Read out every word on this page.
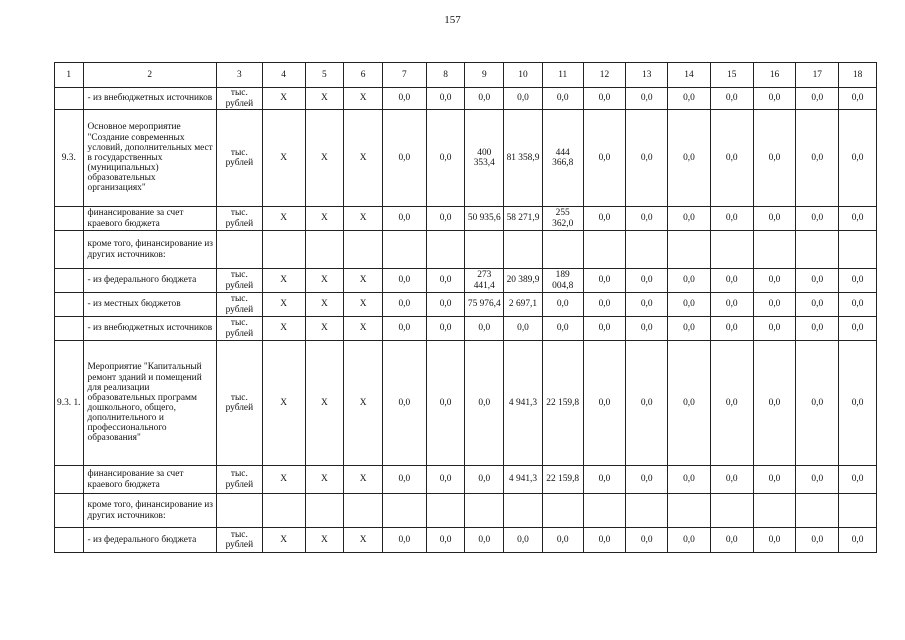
157
1	2	3	4	5	6	7	8	9	10	11	12	13	14	15	16	17	18
	- из внебюджетных источников	тыс. рублей	X	X	X	0,0	0,0	0,0	0,0	0,0	0,0	0,0	0,0	0,0	0,0	0,0	0,0
9.3.	Основное мероприятие "Создание современных условий, дополнительных мест в государственных (муниципальных) образовательных организациях"	тыс. рублей	X	X	X	0,0	0,0	400 353,4	81 358,9	444 366,8	0,0	0,0	0,0	0,0	0,0	0,0	0,0
	финансирование за счет краевого бюджета	тыс. рублей	X	X	X	0,0	0,0	50 935,6	58 271,9	255 362,0	0,0	0,0	0,0	0,0	0,0	0,0	0,0
	кроме того, финансирование из других источников:																
	- из федерального бюджета	тыс. рублей	X	X	X	0,0	0,0	273 441,4	20 389,9	189 004,8	0,0	0,0	0,0	0,0	0,0	0,0	0,0
	- из местных бюджетов	тыс. рублей	X	X	X	0,0	0,0	75 976,4	2 697,1	0,0	0,0	0,0	0,0	0,0	0,0	0,0	0,0
	- из внебюджетных источников	тыс. рублей	X	X	X	0,0	0,0	0,0	0,0	0,0	0,0	0,0	0,0	0,0	0,0	0,0	0,0
9.3. 1.	Мероприятие "Капитальный ремонт зданий и помещений для реализации образовательных программ дошкольного, общего, дополнительного и профессионального образования"	тыс. рублей	X	X	X	0,0	0,0	0,0	4 941,3	22 159,8	0,0	0,0	0,0	0,0	0,0	0,0	0,0
	финансирование за счет краевого бюджета	тыс. рублей	X	X	X	0,0	0,0	0,0	4 941,3	22 159,8	0,0	0,0	0,0	0,0	0,0	0,0	0,0
	кроме того, финансирование из других источников:																
	- из федерального бюджета	тыс. рублей	X	X	X	0,0	0,0	0,0	0,0	0,0	0,0	0,0	0,0	0,0	0,0	0,0	0,0
